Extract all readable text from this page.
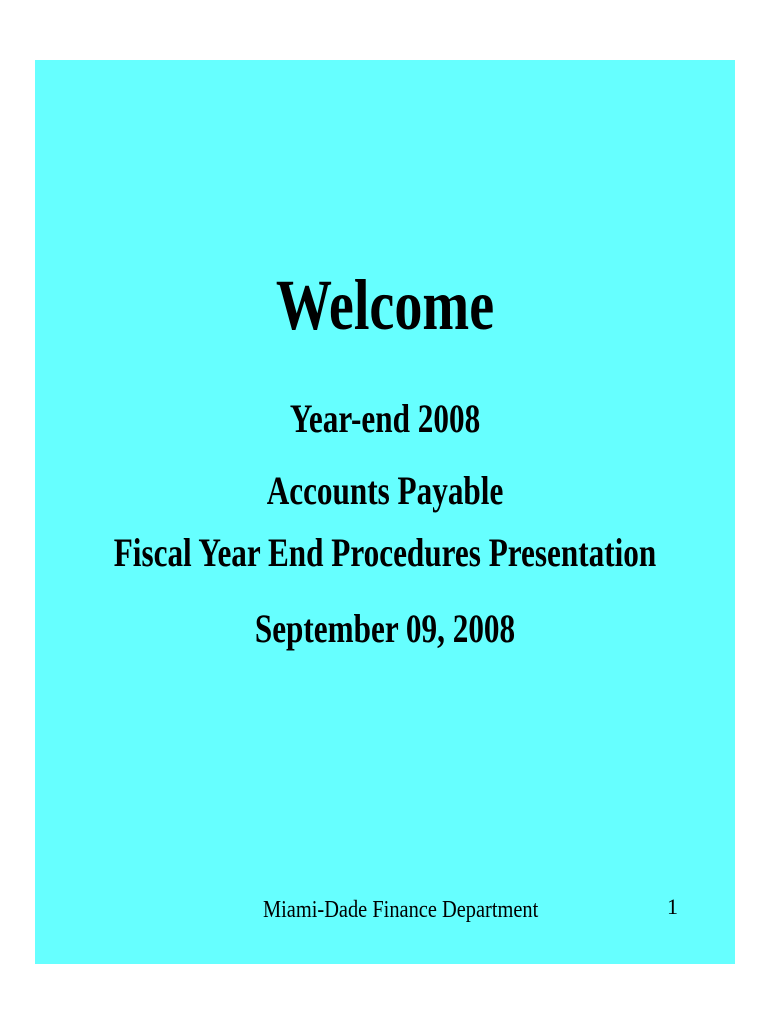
Welcome
Year-end 2008
Accounts Payable
Fiscal Year End Procedures Presentation
September 09, 2008
Miami-Dade Finance Department	1
